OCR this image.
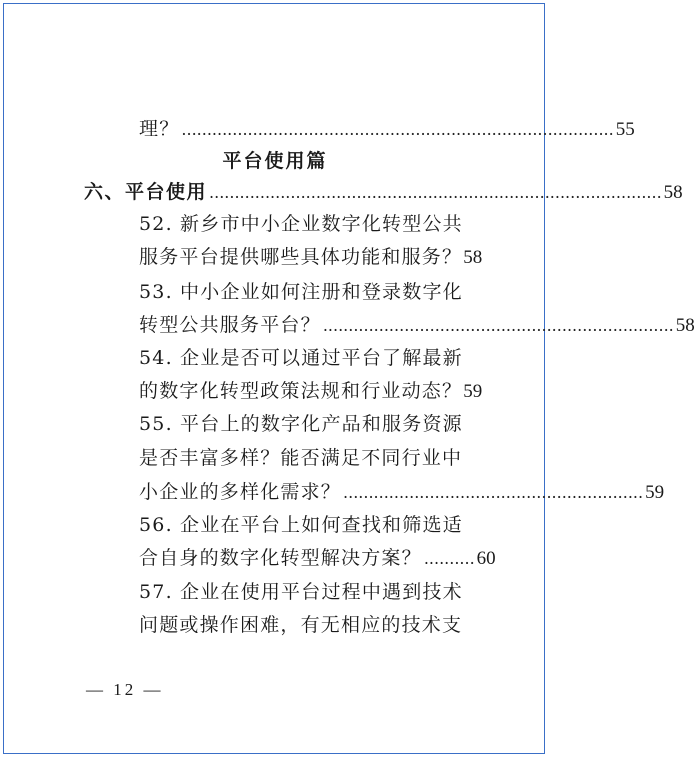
理？ ..................................................................................... 55
平台使用篇
六、平台使用 ......................................................................................... 58
52. 新乡市中小企业数字化转型公共
服务平台提供哪些具体功能和服务？ 58
53. 中小企业如何注册和登录数字化
转型公共服务平台？ ..................................................................... 58
54. 企业是否可以通过平台了解最新
的数字化转型政策法规和行业动态？ 59
55. 平台上的数字化产品和服务资源
是否丰富多样？能否满足不同行业中
小企业的多样化需求？ ........................................................... 59
56. 企业在平台上如何查找和筛选适
合自身的数字化转型解决方案？ .......... 60
57. 企业在使用平台过程中遇到技术
问题或操作困难，有无相应的技术支
— 12 —
